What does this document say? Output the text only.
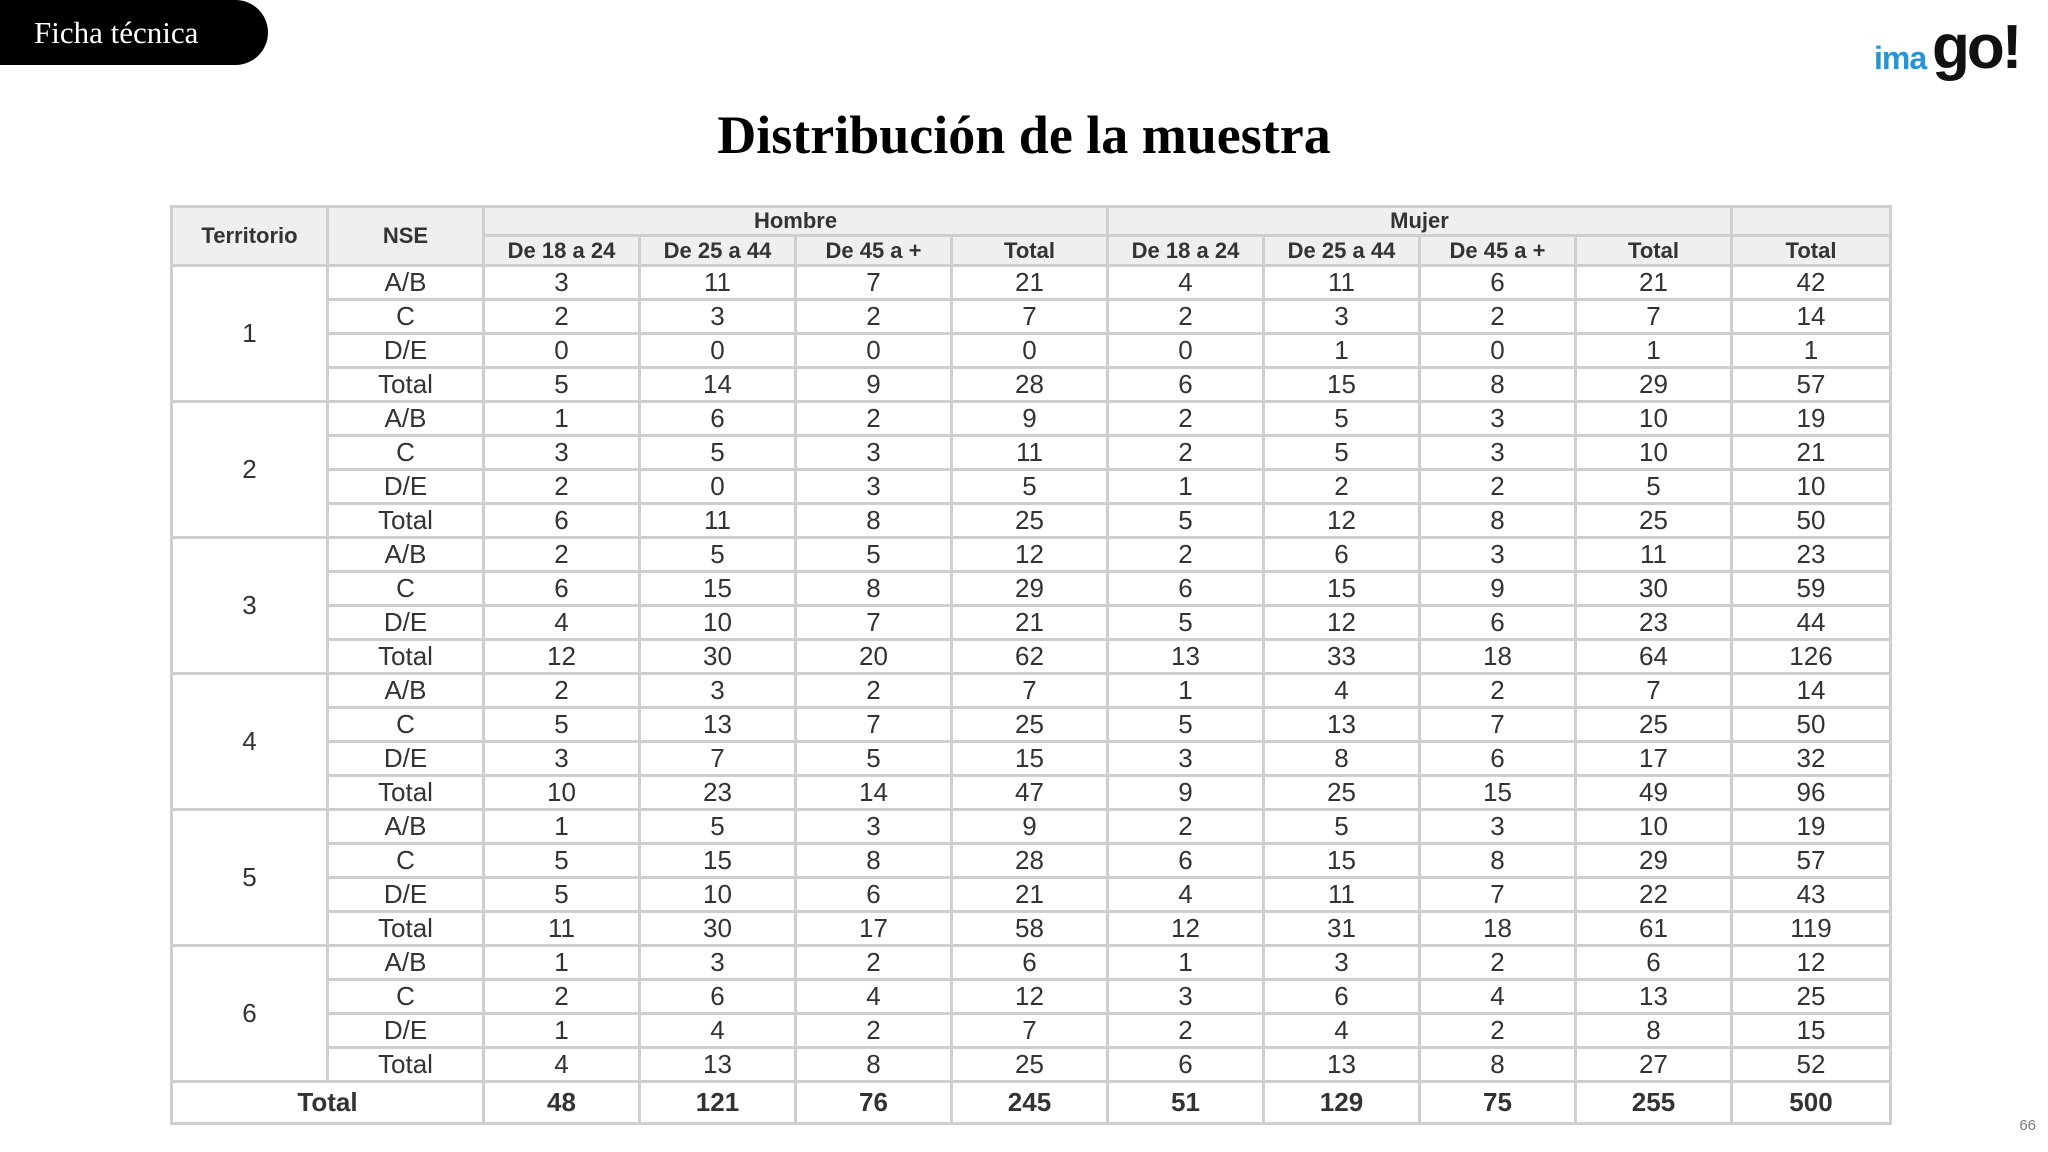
Ficha técnica
ima go!
Distribución de la muestra
Territorio	NSE	Hombre				Mujer				
		De 18 a 24	De 25 a 44	De 45 a +	Total	De 18 a 24	De 25 a 44	De 45 a +	Total	Total
1	A/B	3	11	7	21	4	11	6	21	42
	C	2	3	2	7	2	3	2	7	14
	D/E	0	0	0	0	0	1	0	1	1
	Total	5	14	9	28	6	15	8	29	57
2	A/B	1	6	2	9	2	5	3	10	19
	C	3	5	3	11	2	5	3	10	21
	D/E	2	0	3	5	1	2	2	5	10
	Total	6	11	8	25	5	12	8	25	50
3	A/B	2	5	5	12	2	6	3	11	23
	C	6	15	8	29	6	15	9	30	59
	D/E	4	10	7	21	5	12	6	23	44
	Total	12	30	20	62	13	33	18	64	126
4	A/B	2	3	2	7	1	4	2	7	14
	C	5	13	7	25	5	13	7	25	50
	D/E	3	7	5	15	3	8	6	17	32
	Total	10	23	14	47	9	25	15	49	96
5	A/B	1	5	3	9	2	5	3	10	19
	C	5	15	8	28	6	15	8	29	57
	D/E	5	10	6	21	4	11	7	22	43
	Total	11	30	17	58	12	31	18	61	119
6	A/B	1	3	2	6	1	3	2	6	12
	C	2	6	4	12	3	6	4	13	25
	D/E	1	4	2	7	2	4	2	8	15
	Total	4	13	8	25	6	13	8	27	52
Total		48	121	76	245	51	129	75	255	500
66
